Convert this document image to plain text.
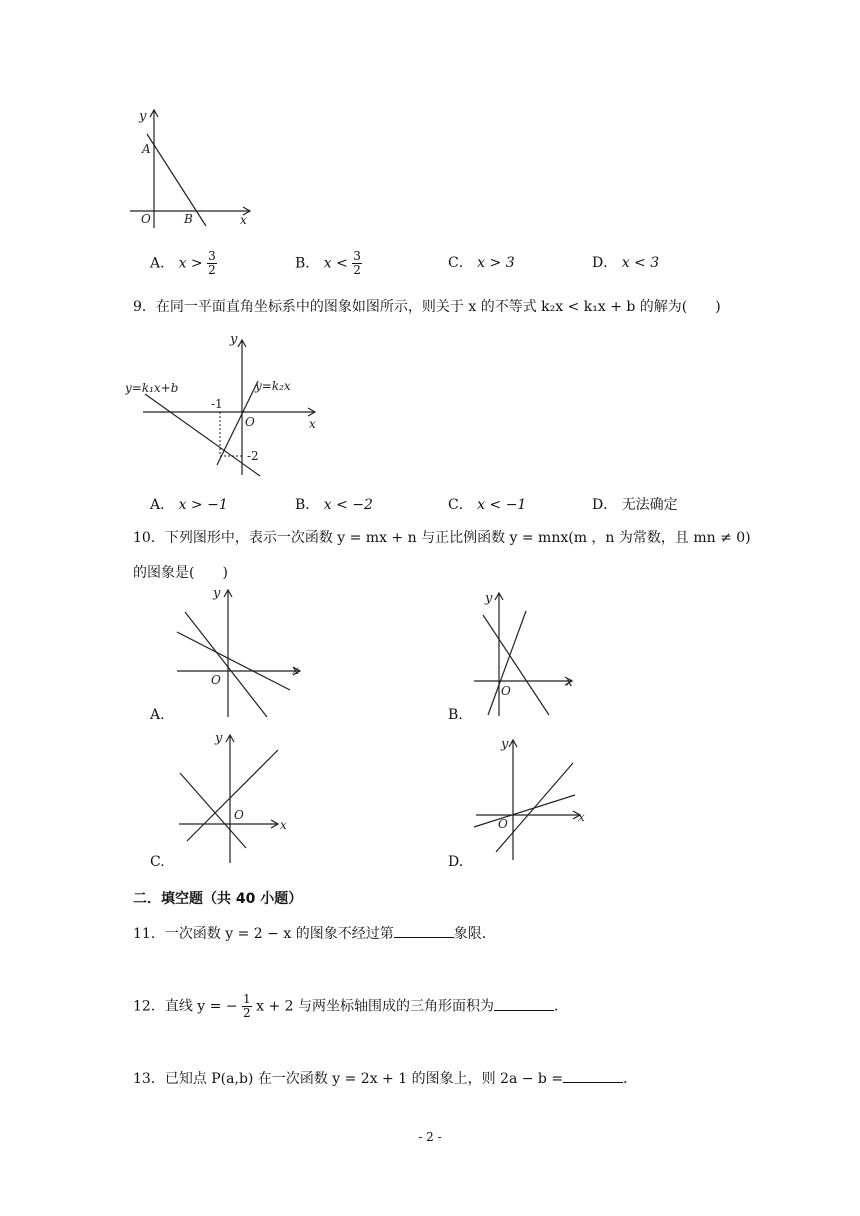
y
A
O	B	x
A． $x > \frac{3}{2}$	B． $x < \frac{3}{2}$	C． x > 3	D． x < 3
9．在同一平面直角坐标系中的图象如图所示，则关于 x 的不等式 k₂x < k₁x + b 的解为(　　)
y
y=k₁x+b	y=k₂x
-1
O	x
-2
A． x > −1	B． x < −2	C． x < −1	D． 无法确定
10．下列图形中，表示一次函数 y = mx + n 与正比例函数 y = mnx(m ，n 为常数，且 mn ≠ 0)
的图象是(　　)
y
x
O
A.
y
x
O
B.
y
x
O
C.
y
x
O
D.
二．填空题（共 40 小题）
11．一次函数 y = 2 − x 的图象不经过第	象限．
12．直线 y = − $\frac{1}{2}$ x + 2 与两坐标轴围成的三角形面积为	．
13．已知点 P(a,b) 在一次函数 y = 2x + 1 的图象上，则 2a − b =	．
- 2 -
